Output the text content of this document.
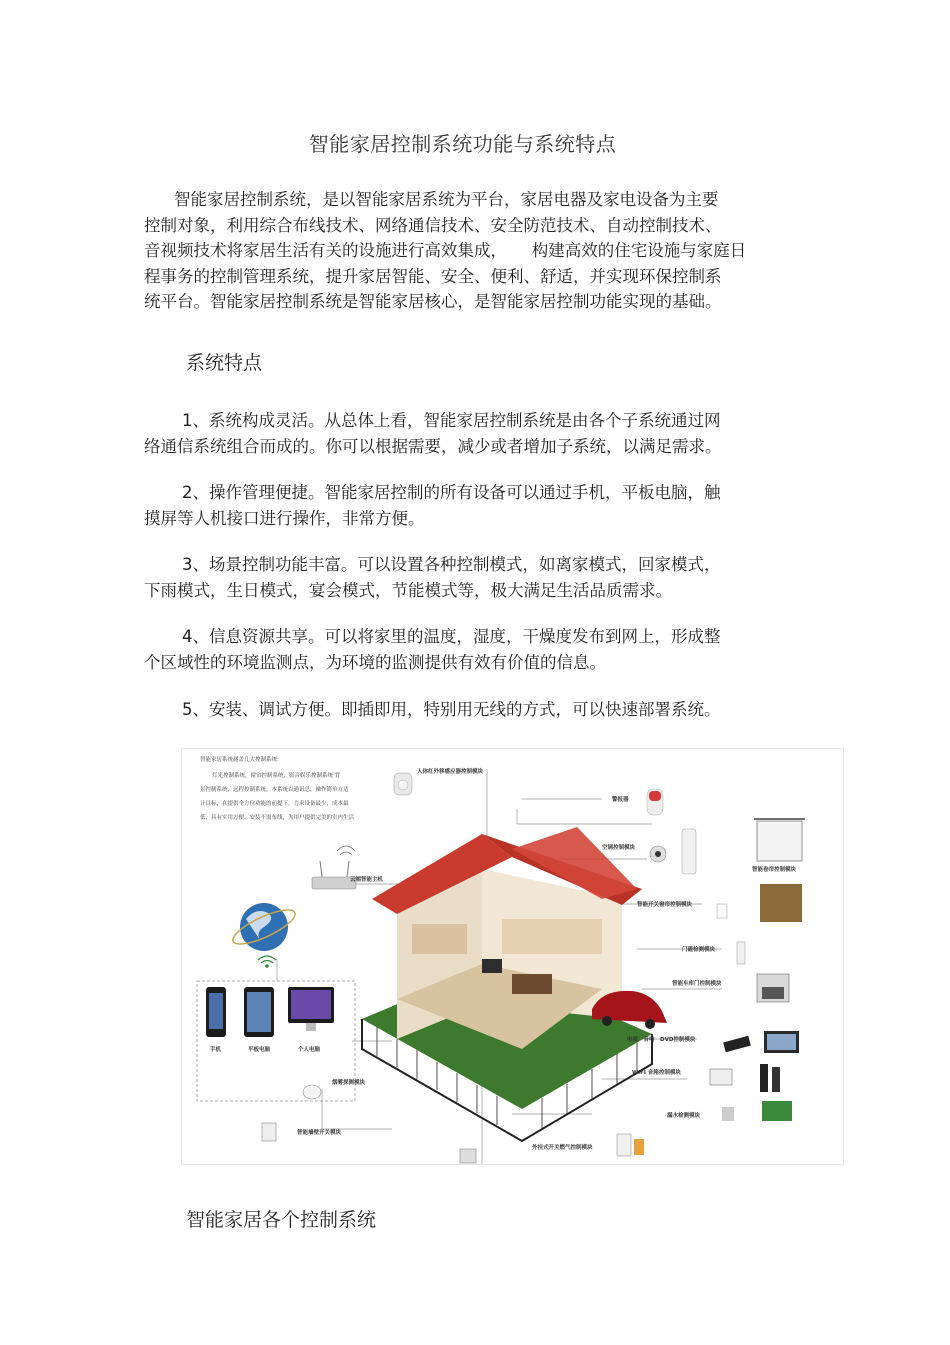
智能家居控制系统功能与系统特点
智能家居控制系统，是以智能家居系统为平台，家居电器及家电设备为主要
控制对象，利用综合布线技术、网络通信技术、安全防范技术、自动控制技术、
音视频技术将家居生活有关的设施进行高效集成，　　构建高效的住宅设施与家庭日
程事务的控制管理系统，提升家居智能、安全、便利、舒适，并实现环保控制系
统平台。智能家居控制系统是智能家居核心，是智能家居控制功能实现的基础。
系统特点
1、系统构成灵活。从总体上看，智能家居控制系统是由各个子系统通过网
络通信系统组合而成的。你可以根据需要，减少或者增加子系统，以满足需求。
2、操作管理便捷。智能家居控制的所有设备可以通过手机，平板电脑，触
摸屏等人机接口进行操作，非常方便。
3、场景控制功能丰富。可以设置各种控制模式，如离家模式，回家模式，
下雨模式，生日模式，宴会模式，节能模式等，极大满足生活品质需求。
4、信息资源共享。可以将家里的温度，湿度，干燥度发布到网上，形成整
个区域性的环境监测点，为环境的监测提供有效有价值的信息。
5、安装、调试方便。即插即用，特别用无线的方式，可以快速部署系统。
智能家居系统涵盖几大控制系统:
灯光控制系统，窗帘控制系统，影音娱乐控制系统 背
景控制系统，远程控制系统，本系统以通讯总，操作简单方适
计目标，在提供全方位功能的前提下，力求设备最少，成本最
低，具有实用方便、安装不需布线，为用户提供完美的室内生活
人体红外移感应器控制模块
警报器
空调控制模块
智能卷帘控制模块
云端智能主机
智能开关窗帘控制模块
门磁检测模块
智能车库门控制模块
电视　音响　DVD控制模块
WIFI 音箱控制模块
烟雾探测模块
漏水检测模块
智能墙壁开关模块
外挂式开关燃气控制模块
手机	平板电脑	个人电脑
智能家居各个控制系统
